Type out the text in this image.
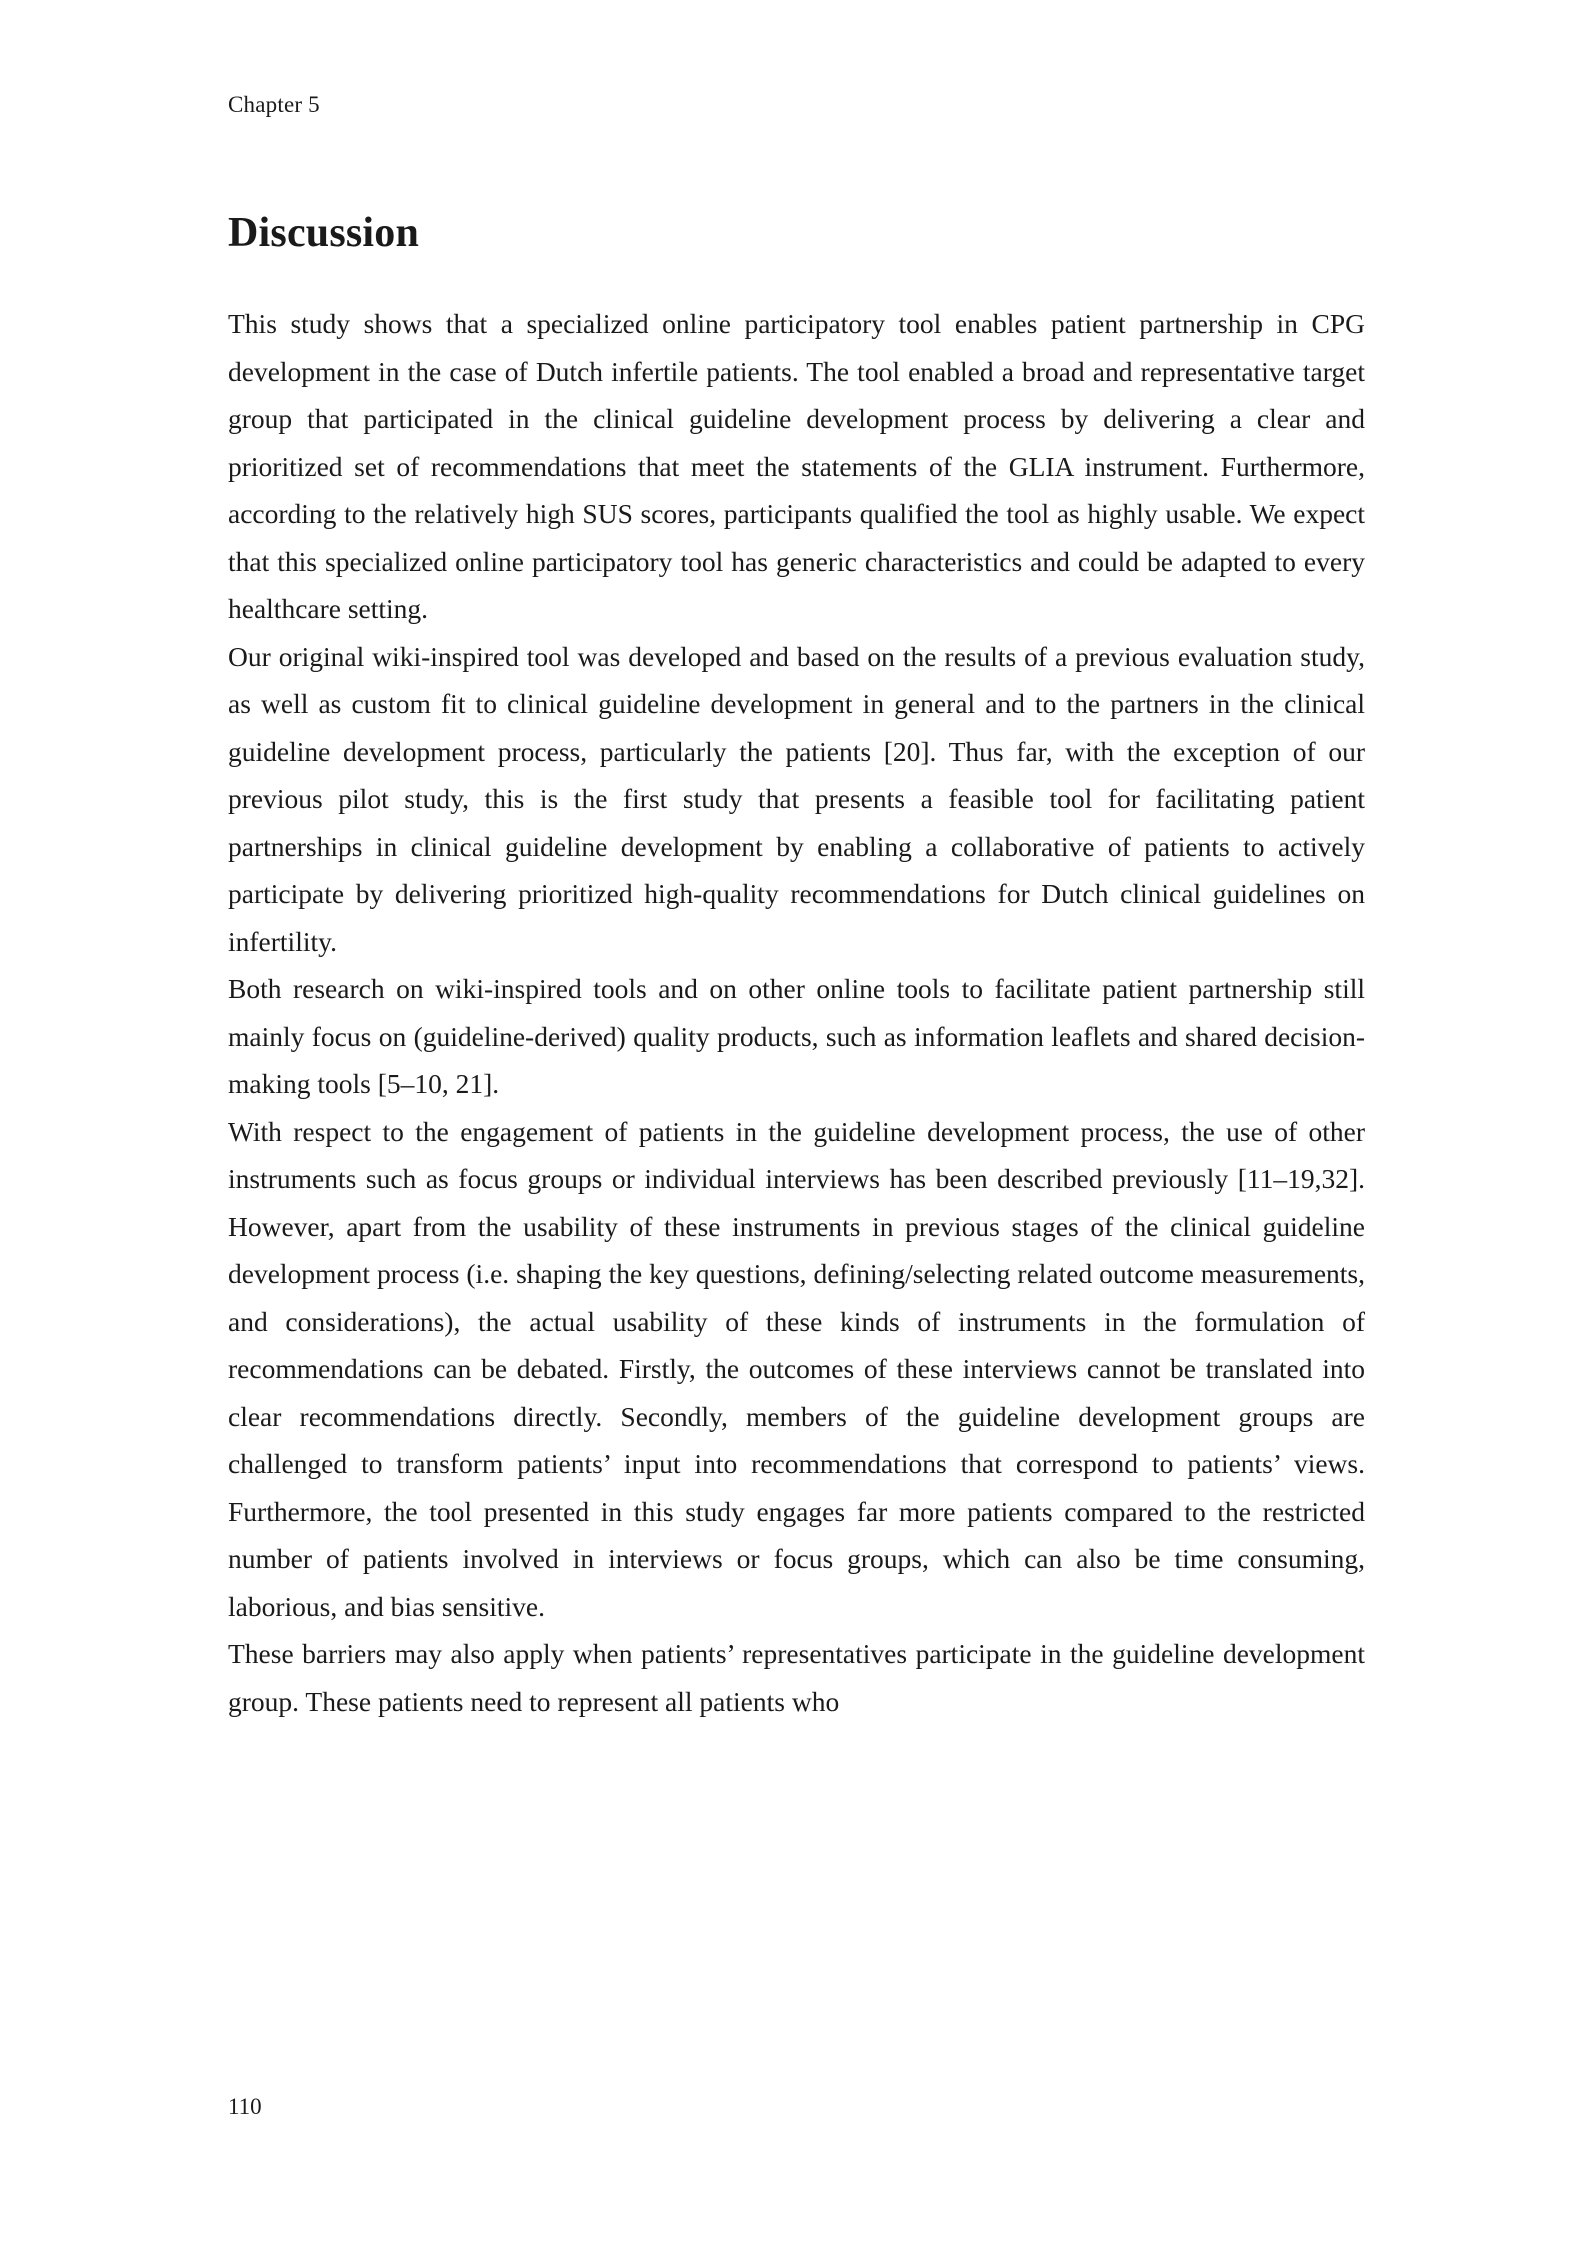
Chapter 5
Discussion

This study shows that a specialized online participatory tool enables patient partnership in CPG development in the case of Dutch infertile patients. The tool enabled a broad and representative target group that participated in the clinical guideline development process by delivering a clear and prioritized set of recommendations that meet the statements of the GLIA instrument. Furthermore, according to the relatively high SUS scores, participants qualified the tool as highly usable. We expect that this specialized online participatory tool has generic characteristics and could be adapted to every healthcare setting.

Our original wiki-inspired tool was developed and based on the results of a previous evaluation study, as well as custom fit to clinical guideline development in general and to the partners in the clinical guideline development process, particularly the patients [20]. Thus far, with the exception of our previous pilot study, this is the first study that presents a feasible tool for facilitating patient partnerships in clinical guideline development by enabling a collaborative of patients to actively participate by delivering prioritized high-quality recommendations for Dutch clinical guidelines on infertility.

Both research on wiki-inspired tools and on other online tools to facilitate patient partnership still mainly focus on (guideline-derived) quality products, such as information leaflets and shared decision-making tools [5–10, 21].

With respect to the engagement of patients in the guideline development process, the use of other instruments such as focus groups or individual interviews has been described previously [11–19,32]. However, apart from the usability of these instruments in previous stages of the clinical guideline development process (i.e. shaping the key questions, defining/selecting related outcome measurements, and considerations), the actual usability of these kinds of instruments in the formulation of recommendations can be debated. Firstly, the outcomes of these interviews cannot be translated into clear recommendations directly. Secondly, members of the guideline development groups are challenged to transform patients’ input into recommendations that correspond to patients’ views. Furthermore, the tool presented in this study engages far more patients compared to the restricted number of patients involved in interviews or focus groups, which can also be time consuming, laborious, and bias sensitive.

These barriers may also apply when patients’ representatives participate in the guideline development group. These patients need to represent all patients who

110
